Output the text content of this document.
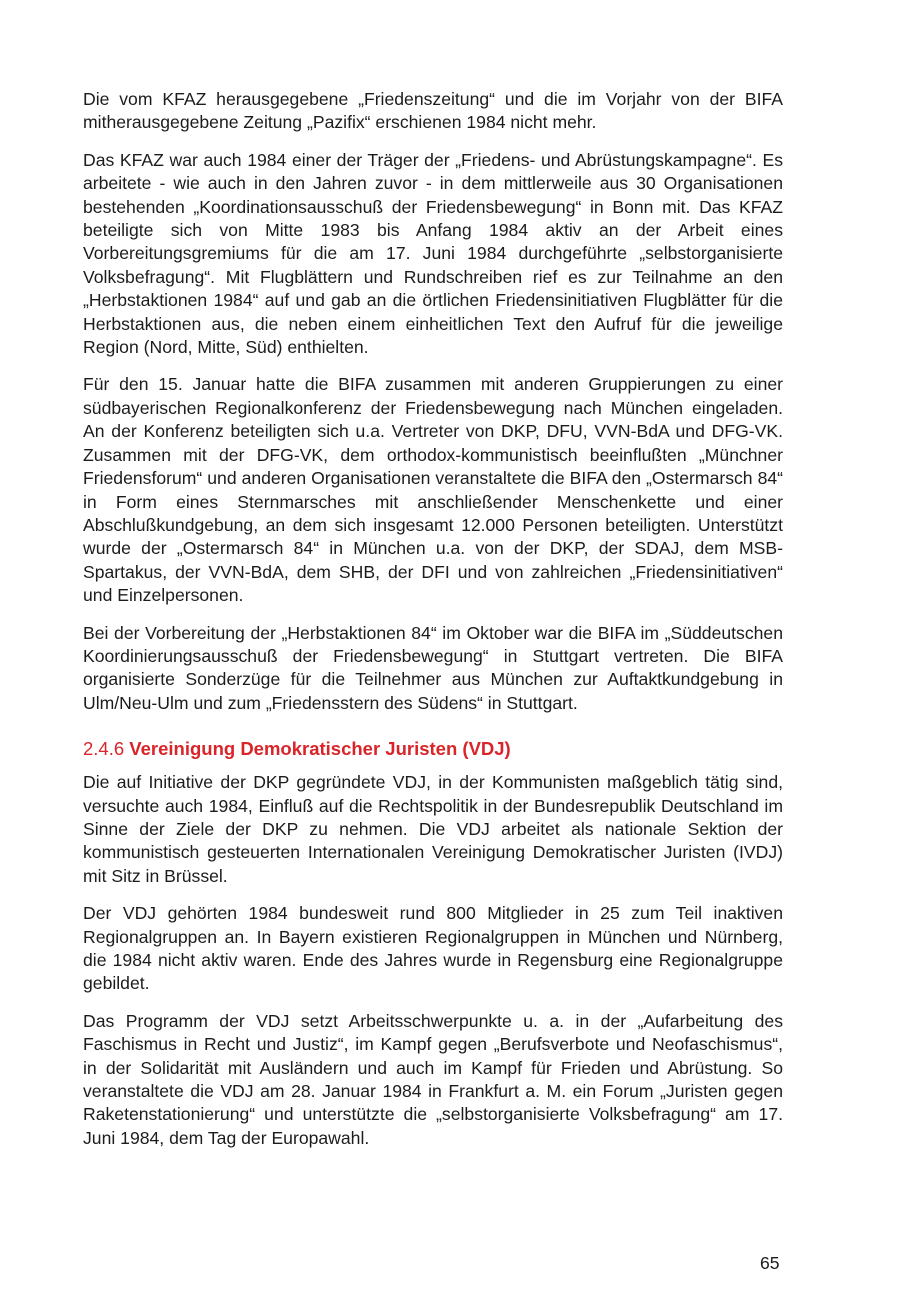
Die vom KFAZ herausgegebene „Friedenszeitung“ und die im Vorjahr von der BIFA mitherausgegebene Zeitung „Pazifix“ erschienen 1984 nicht mehr.

Das KFAZ war auch 1984 einer der Träger der „Friedens- und Abrüstungskampagne“. Es arbeitete - wie auch in den Jahren zuvor - in dem mittlerweile aus 30 Organisationen bestehenden „Koordinationsausschuß der Friedensbewegung“ in Bonn mit. Das KFAZ beteiligte sich von Mitte 1983 bis Anfang 1984 aktiv an der Arbeit eines Vorbereitungsgremiums für die am 17. Juni 1984 durchgeführte „selbstorganisierte Volksbefragung“. Mit Flugblättern und Rundschreiben rief es zur Teilnahme an den „Herbstaktionen 1984“ auf und gab an die örtlichen Friedensinitiativen Flugblätter für die Herbstaktionen aus, die neben einem einheitlichen Text den Aufruf für die jeweilige Region (Nord, Mitte, Süd) enthielten.

Für den 15. Januar hatte die BIFA zusammen mit anderen Gruppierungen zu einer südbayerischen Regionalkonferenz der Friedensbewegung nach München eingeladen. An der Konferenz beteiligten sich u.a. Vertreter von DKP, DFU, VVN-BdA und DFG-VK. Zusammen mit der DFG-VK, dem orthodox-kommunistisch beeinflußten „Münchner Friedensforum“ und anderen Organisationen veranstaltete die BIFA den „Ostermarsch 84“ in Form eines Sternmarsches mit anschließender Menschenkette und einer Abschlußkundgebung, an dem sich insgesamt 12.000 Personen beteiligten. Unterstützt wurde der „Ostermarsch 84“ in München u.a. von der DKP, der SDAJ, dem MSB-Spartakus, der VVN-BdA, dem SHB, der DFI und von zahlreichen „Friedensinitiativen“ und Einzelpersonen.

Bei der Vorbereitung der „Herbstaktionen 84“ im Oktober war die BIFA im „Süddeutschen Koordinierungsausschuß der Friedensbewegung“ in Stuttgart vertreten. Die BIFA organisierte Sonderzüge für die Teilnehmer aus München zur Auftaktkundgebung in Ulm/Neu-Ulm und zum „Friedensstern des Südens“ in Stuttgart.

2.4.6 Vereinigung Demokratischer Juristen (VDJ)

Die auf Initiative der DKP gegründete VDJ, in der Kommunisten maßgeblich tätig sind, versuchte auch 1984, Einfluß auf die Rechtspolitik in der Bundesrepublik Deutschland im Sinne der Ziele der DKP zu nehmen. Die VDJ arbeitet als nationale Sektion der kommunistisch gesteuerten Internationalen Vereinigung Demokratischer Juristen (IVDJ) mit Sitz in Brüssel.

Der VDJ gehörten 1984 bundesweit rund 800 Mitglieder in 25 zum Teil inaktiven Regionalgruppen an. In Bayern existieren Regionalgruppen in München und Nürnberg, die 1984 nicht aktiv waren. Ende des Jahres wurde in Regensburg eine Regionalgruppe gebildet.

Das Programm der VDJ setzt Arbeitsschwerpunkte u. a. in der „Aufarbeitung des Faschismus in Recht und Justiz“, im Kampf gegen „Berufsverbote und Neofaschismus“, in der Solidarität mit Ausländern und auch im Kampf für Frieden und Abrüstung. So veranstaltete die VDJ am 28. Januar 1984 in Frankfurt a. M. ein Forum „Juristen gegen Raketenstationierung“ und unterstützte die „selbstorganisierte Volksbefragung“ am 17. Juni 1984, dem Tag der Europawahl.

65
